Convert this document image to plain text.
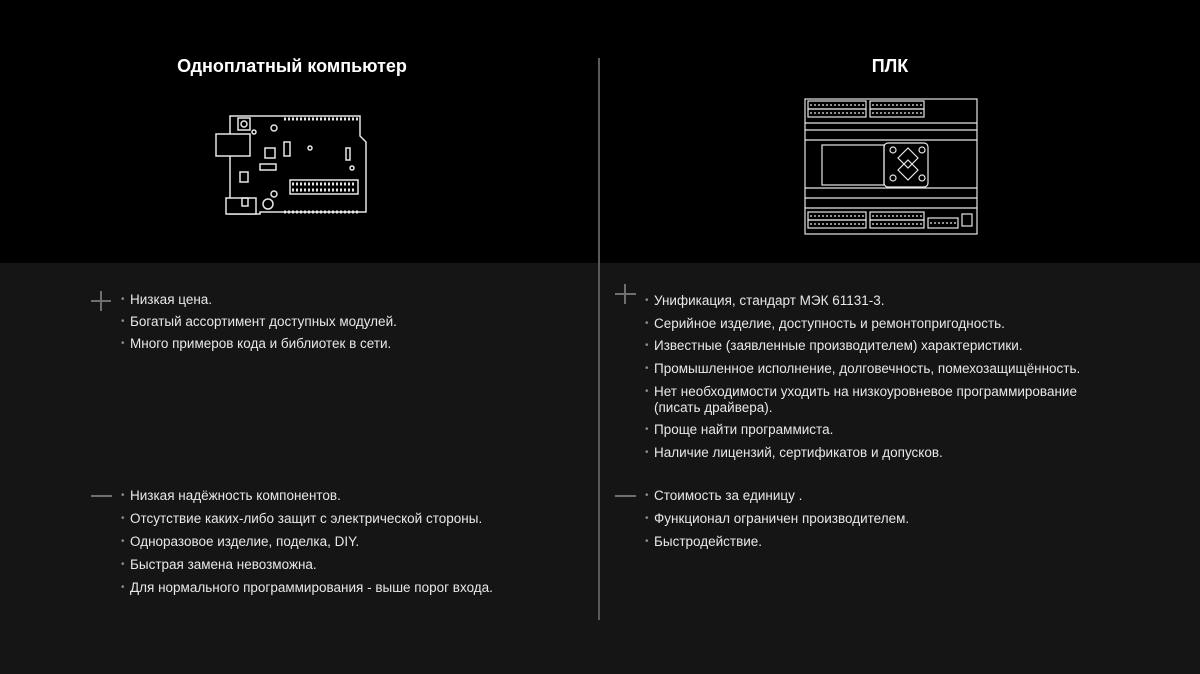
Одноплатный компьютер	ПЛК
• Низкая цена.
• Богатый ассортимент доступных модулей.
• Много примеров кода и библиотек в сети.
• Низкая надёжность компонентов.
• Отсутствие каких-либо защит с электрической стороны.
• Одноразовое изделие, поделка, DIY.
• Быстрая замена невозможна.
• Для нормального программирования - выше порог входа.
• Унификация, стандарт МЭК 61131-3.
• Серийное изделие, доступность и ремонтопригодность.
• Известные (заявленные производителем) характеристики.
• Промышленное исполнение, долговечность, помехозащищённость.
• Нет необходимости уходить на низкоуровневое программирование (писать драйвера).
• Проще найти программиста.
• Наличие лицензий, сертификатов и допусков.
• Стоимость за единицу .
• Функционал ограничен производителем.
• Быстродействие.
